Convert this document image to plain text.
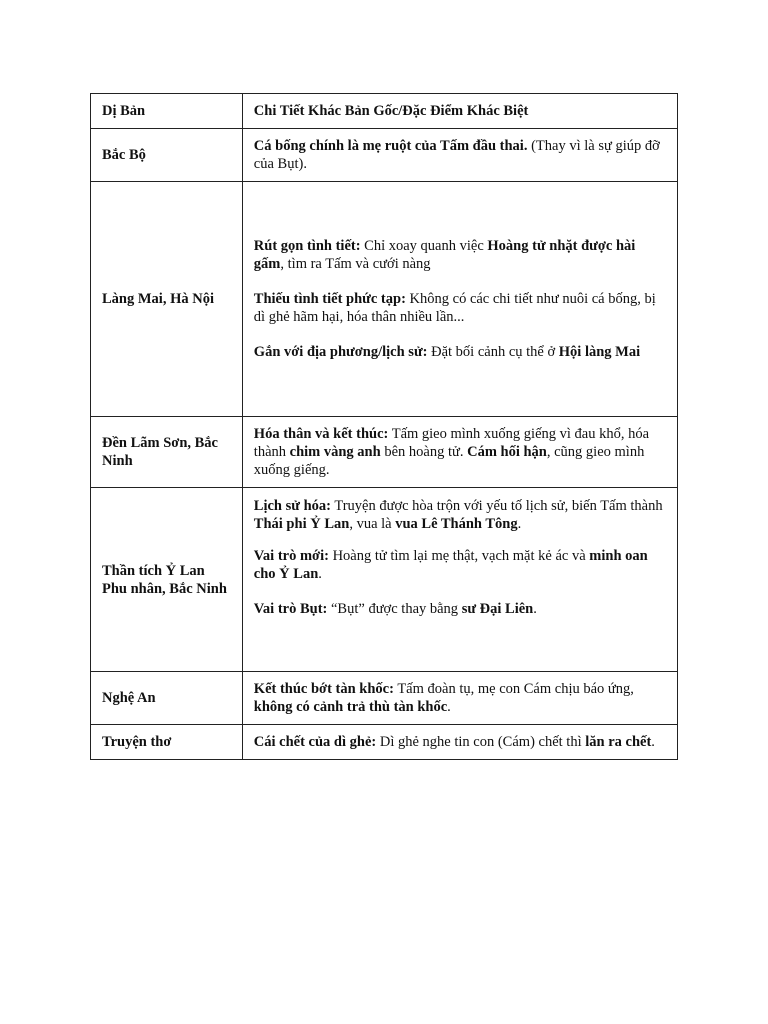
Dị Bản	Chi Tiết Khác Bản Gốc/Đặc Điểm Khác Biệt
Bắc Bộ	Cá bống chính là mẹ ruột của Tấm đầu thai. (Thay vì là sự giúp đỡ của Bụt).

Làng Mai, Hà Nội	Rút gọn tình tiết: Chỉ xoay quanh việc Hoàng tử nhặt được hài gấm, tìm ra Tấm và cưới nàng

Thiếu tình tiết phức tạp: Không có các chi tiết như nuôi cá bống, bị dì ghẻ hãm hại, hóa thân nhiều lần...

Gắn với địa phương/lịch sử: Đặt bối cảnh cụ thể ở Hội làng Mai

Đền Lãm Sơn, Bắc Ninh	Hóa thân và kết thúc: Tấm gieo mình xuống giếng vì đau khổ, hóa thành chim vàng anh bên hoàng tử. Cám hối hận, cũng gieo mình xuống giếng.

Thần tích Ỷ Lan Phu nhân, Bắc Ninh	Lịch sử hóa: Truyện được hòa trộn với yếu tố lịch sử, biến Tấm thành Thái phi Ỷ Lan, vua là vua Lê Thánh Tông.

Vai trò mới: Hoàng tử tìm lại mẹ thật, vạch mặt kẻ ác và minh oan cho Ỷ Lan.

Vai trò Bụt: “Bụt” được thay bằng sư Đại Liên.

Nghệ An	Kết thúc bớt tàn khốc: Tấm đoàn tụ, mẹ con Cám chịu báo ứng, không có cảnh trả thù tàn khốc.

Truyện thơ	Cái chết của dì ghẻ: Dì ghẻ nghe tin con (Cám) chết thì lăn ra chết.
